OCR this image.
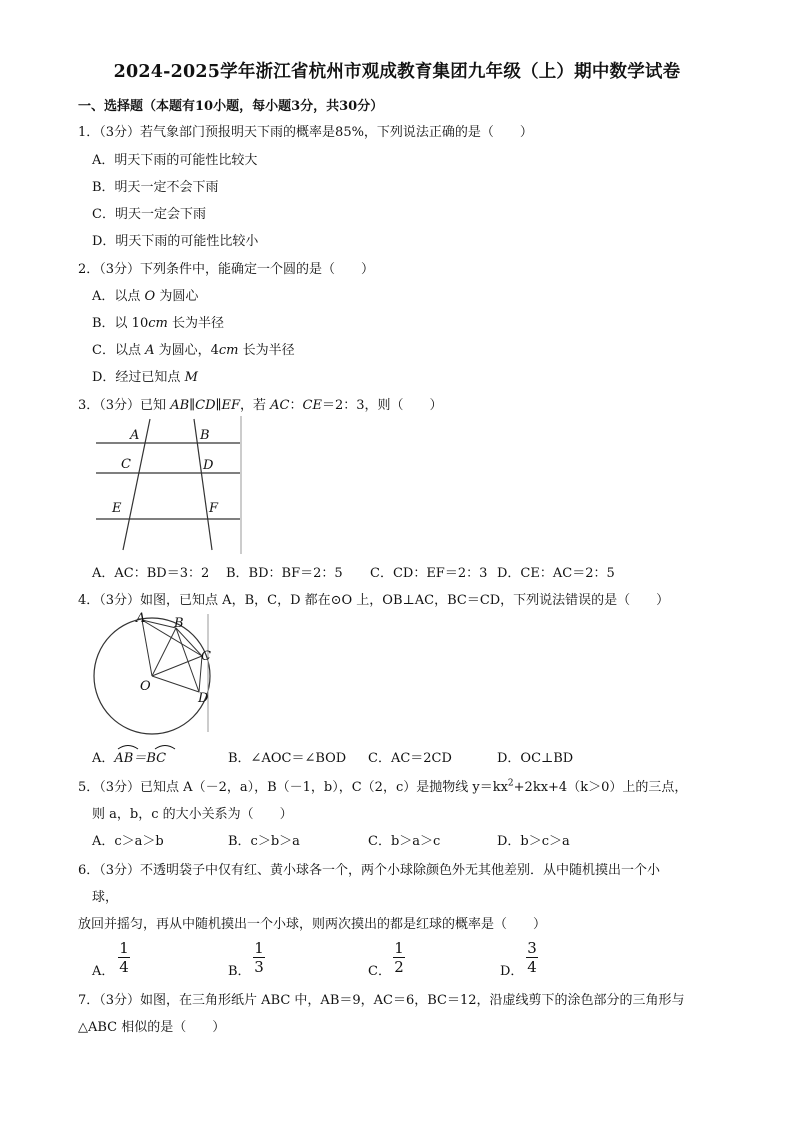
2024-2025学年浙江省杭州市观成教育集团九年级（上）期中数学试卷
一、选择题（本题有10小题，每小题3分，共30分）
1．（3分）若气象部门预报明天下雨的概率是85%，下列说法正确的是（　　）
A．明天下雨的可能性比较大
B．明天一定不会下雨
C．明天一定会下雨
D．明天下雨的可能性比较小
2．（3分）下列条件中，能确定一个圆的是（　　）
A．以点 O 为圆心
B．以 10cm 长为半径
C．以点 A 为圆心，4cm 长为半径
D．经过已知点 M
3．（3分）已知 AB∥CD∥EF，若 AC：CE＝2：3，则（　　）
A	B
C	D
E	F
A．AC：BD＝3：2 B．BD：BF＝2：5 C．CD：EF＝2：3 D．CE：AC＝2：5
4．（3分）如图，已知点 A，B，C，D 都在⊙O 上，OB⊥AC，BC＝CD，下列说法错误的是（　　）
A B
C
O
D
A．AB＝BC	B．∠AOC＝∠BOD C．AC＝2CD	D．OC⊥BD
5．（3分）已知点 A（－2，a），B（－1，b），C（2，c）是抛物线 $y=kx^2+2kx+4(k>0)$上的三点，
则 a，b，c 的大小关系为（　　）
A．c＞a＞b	B．c＞b＞a	C．b＞a＞c	D．b＞c＞a
6．（3分）不透明袋子中仅有红、黄小球各一个，两个小球除颜色外无其他差别．从中随机摸出一个小
球，
放回并摇匀，再从中随机摸出一个小球，则两次摸出的都是红球的概率是（　　）
A．
1
4	B．
1
3	C．
1
2	D．
3
4
7．（3分）如图，在三角形纸片 ABC 中，AB＝9，AC＝6，BC＝12，沿虚线剪下的涂色部分的三角形与
△ABC 相似的是（　　）
